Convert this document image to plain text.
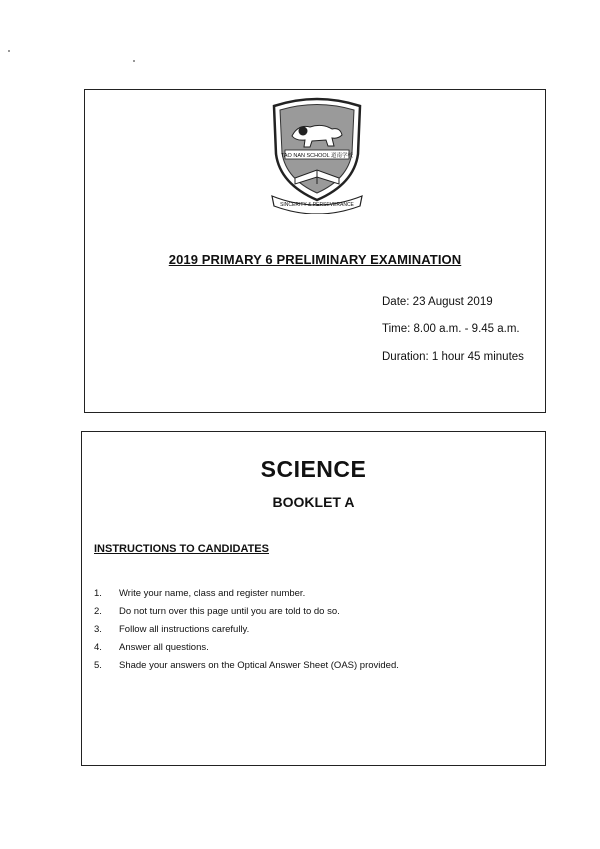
TAO NAN SCHOOL 道南学校
SINCERITY & PERSEVERANCE
2019 PRIMARY 6 PRELIMINARY EXAMINATION
Date: 23 August 2019
Time: 8.00 a.m. - 9.45 a.m.
Duration: 1 hour 45 minutes
SCIENCE
BOOKLET A
INSTRUCTIONS TO CANDIDATES
1.	Write your name, class and register number.
2.	Do not turn over this page until you are told to do so.
3.	Follow all instructions carefully.
4.	Answer all questions.
5.	Shade your answers on the Optical Answer Sheet (OAS) provided.
